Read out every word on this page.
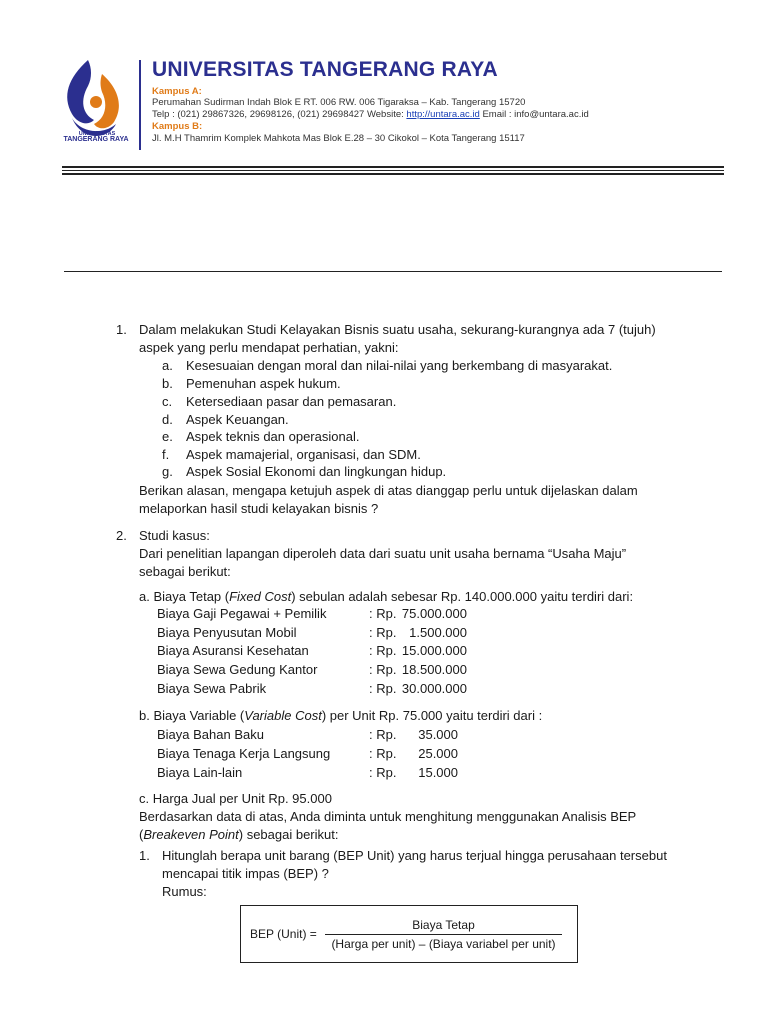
UNIVERSITAS
TANGERANG RAYA
UNIVERSITAS TANGERANG RAYA
Kampus A:
Perumahan Sudirman Indah Blok E RT. 006 RW. 006 Tigaraksa – Kab. Tangerang 15720
Telp : (021) 29867326, 29698126, (021) 29698427 Website: http://untara.ac.id Email : info@untara.ac.id
Kampus B:
Jl. M.H Thamrim Komplek Mahkota Mas Blok E.28 – 30 Cikokol – Kota Tangerang 15117
1. Dalam melakukan Studi Kelayakan Bisnis suatu usaha, sekurang-kurangnya ada 7 (tujuh)
aspek yang perlu mendapat perhatian, yakni:
a. Kesesuaian dengan moral dan nilai-nilai yang berkembang di masyarakat.
b. Pemenuhan aspek hukum.
c. Ketersediaan pasar dan pemasaran.
d. Aspek Keuangan.
e. Aspek teknis dan operasional.
f. Aspek mamajerial, organisasi, dan SDM.
g. Aspek Sosial Ekonomi dan lingkungan hidup.
Berikan alasan, mengapa ketujuh aspek di atas dianggap perlu untuk dijelaskan dalam
melaporkan hasil studi kelayakan bisnis ?
2. Studi kasus:
Dari penelitian lapangan diperoleh data dari suatu unit usaha bernama “Usaha Maju”
sebagai berikut:
a. Biaya Tetap (Fixed Cost) sebulan adalah sebesar Rp. 140.000.000 yaitu terdiri dari:
Biaya Gaji Pegawai + Pemilik	: Rp. 75.000.000
Biaya Penyusutan Mobil	: Rp. 1.500.000
Biaya Asuransi Kesehatan	: Rp. 15.000.000
Biaya Sewa Gedung Kantor	: Rp. 18.500.000
Biaya Sewa Pabrik	: Rp. 30.000.000
b. Biaya Variable (Variable Cost) per Unit Rp. 75.000 yaitu terdiri dari :
Biaya Bahan Baku	: Rp.	35.000
Biaya Tenaga Kerja Langsung	: Rp.	25.000
Biaya Lain-lain	: Rp.	15.000
c. Harga Jual per Unit Rp. 95.000
Berdasarkan data di atas, Anda diminta untuk menghitung menggunakan Analisis BEP
(Breakeven Point) sebagai berikut:
1. Hitunglah berapa unit barang (BEP Unit) yang harus terjual hingga perusahaan tersebut
mencapai titik impas (BEP) ?
Rumus:
BEP (Unit) =
Biaya Tetap
(Harga per unit) – (Biaya variabel per unit)
